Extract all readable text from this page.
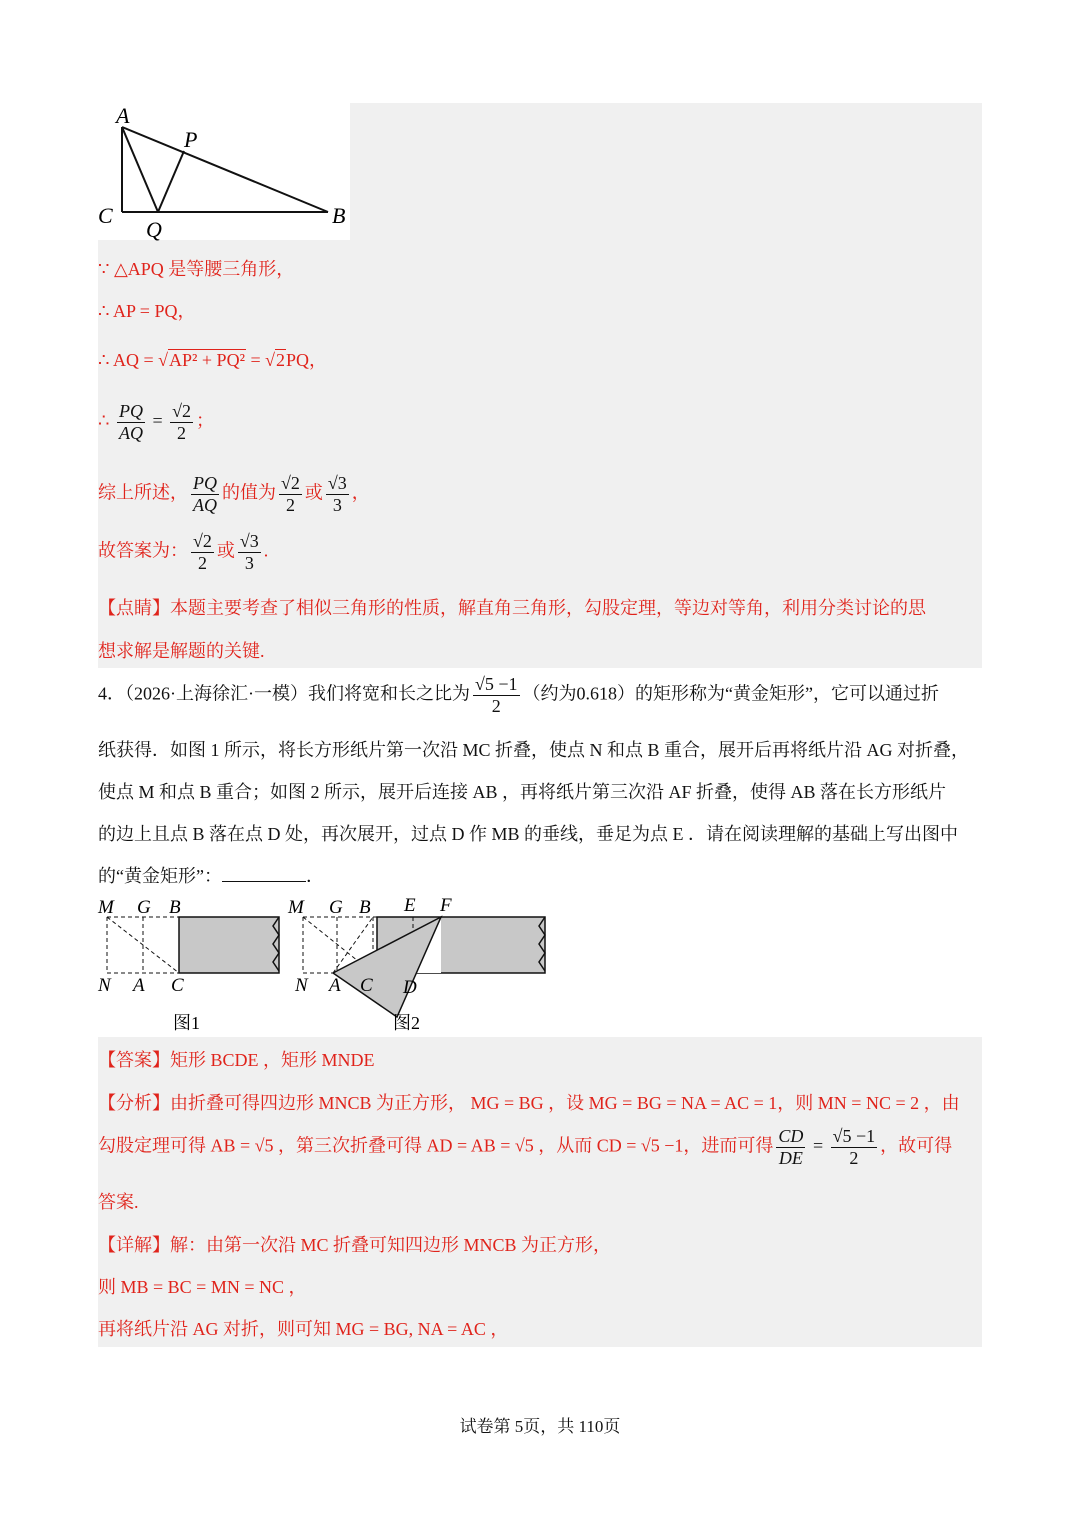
A
P
C
Q
B
∵ △APQ 是等腰三角形，
∴ AP = PQ，
∴ AQ = √AP² + PQ² = √2PQ，
∴ $\frac{PQ}{AQ} = \frac{√2}{2}$ ；
综上所述， $\frac{PQ}{AQ}$ 的值为 $\frac{√2}{2}$ 或 $\frac{√3}{3}$ ，
故答案为： $\frac{√2}{2}$ 或 $\frac{√3}{3}$ .
【点睛】本题主要考查了相似三角形的性质，解直角三角形，勾股定理，等边对等角，利用分类讨论的思
想求解是解题的关键.
4．（2026·上海徐汇·一模）我们将宽和长之比为 $\frac{√5 -1}{2}$ （约为0.618）的矩形称为“黄金矩形”，它可以通过折
纸获得．如图 1 所示，将长方形纸片第一次沿 MC 折叠，使点 N 和点 B 重合，展开后再将纸片沿 AG 对折叠，
使点 M 和点 B 重合；如图 2 所示，展开后连接 AB ，再将纸片第三次沿 AF 折叠，使得 AB 落在长方形纸片
的边上且点 B 落在点 D 处，再次展开，过点 D 作 MB 的垂线，垂足为点 E ．请在阅读理解的基础上写出图中
的“黄金矩形”：	．
M G B
N A C
图1
M G B E F
N A C D
图2
【答案】矩形 BCDE ，矩形 MNDE
【分析】由折叠可得四边形 MNCB 为正方形， MG = BG ，设 MG = BG = NA = AC = 1，则 MN = NC = 2 ，由
勾股定理可得 AB = √5 ，第三次折叠可得 AD = AB = √5 ，从而 CD = √5 −1，进而可得 $\frac{CD}{DE} = \frac{√5 -1}{2}$ ，故可得
答案.
【详解】解：由第一次沿 MC 折叠可知四边形 MNCB 为正方形，
则 MB = BC = MN = NC ，
再将纸片沿 AG 对折，则可知 MG = BG, NA = AC ，
试卷第 5页，共 110页
